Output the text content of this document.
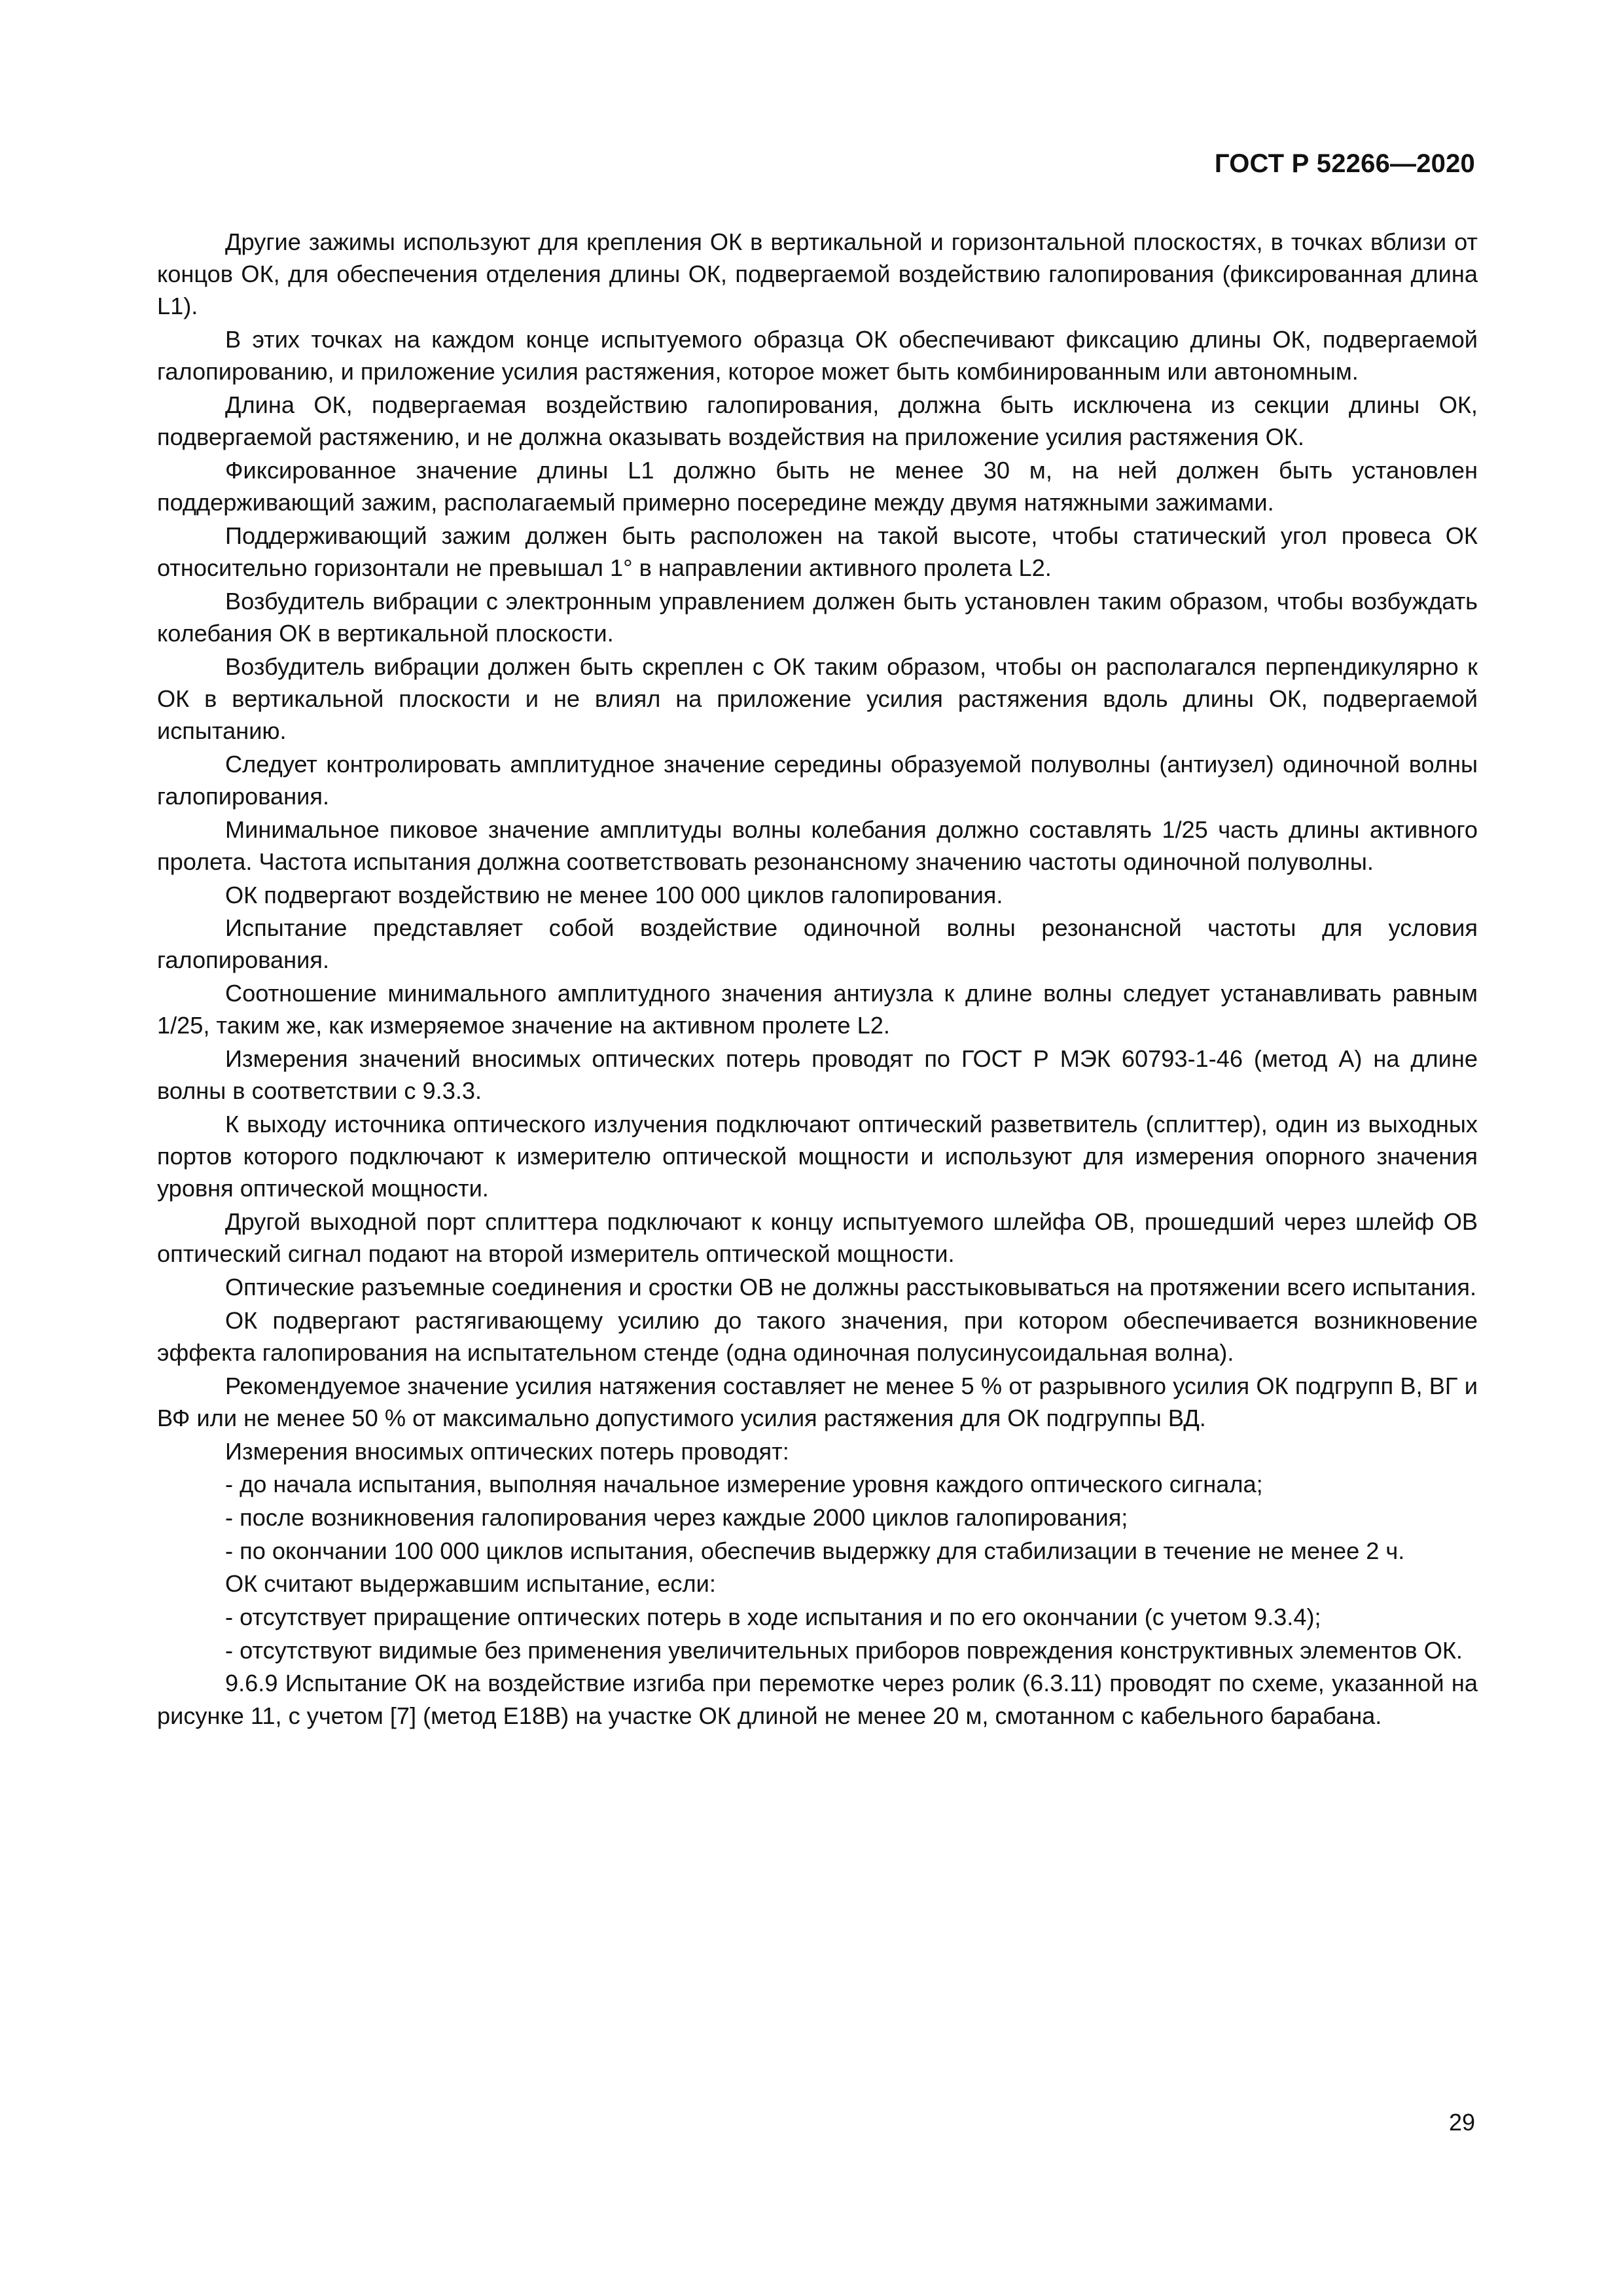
ГОСТ Р 52266—2020

Другие зажимы используют для крепления ОК в вертикальной и горизонтальной плоскостях, в точках вблизи от концов ОК, для обеспечения отделения длины ОК, подвергаемой воздействию галопирования (фиксированная длина L1).

В этих точках на каждом конце испытуемого образца ОК обеспечивают фиксацию длины ОК, подвергаемой галопированию, и приложение усилия растяжения, которое может быть комбинированным или автономным.

Длина ОК, подвергаемая воздействию галопирования, должна быть исключена из секции длины ОК, подвергаемой растяжению, и не должна оказывать воздействия на приложение усилия растяжения ОК.

Фиксированное значение длины L1 должно быть не менее 30 м, на ней должен быть установлен поддерживающий зажим, располагаемый примерно посередине между двумя натяжными зажимами.

Поддерживающий зажим должен быть расположен на такой высоте, чтобы статический угол провеса ОК относительно горизонтали не превышал 1° в направлении активного пролета L2.

Возбудитель вибрации с электронным управлением должен быть установлен таким образом, чтобы возбуждать колебания ОК в вертикальной плоскости.

Возбудитель вибрации должен быть скреплен с ОК таким образом, чтобы он располагался перпендикулярно к ОК в вертикальной плоскости и не влиял на приложение усилия растяжения вдоль длины ОК, подвергаемой испытанию.

Следует контролировать амплитудное значение середины образуемой полуволны (антиузел) одиночной волны галопирования.

Минимальное пиковое значение амплитуды волны колебания должно составлять 1/25 часть длины активного пролета. Частота испытания должна соответствовать резонансному значению частоты одиночной полуволны.

ОК подвергают воздействию не менее 100 000 циклов галопирования.

Испытание представляет собой воздействие одиночной волны резонансной частоты для условия галопирования.

Соотношение минимального амплитудного значения антиузла к длине волны следует устанавливать равным 1/25, таким же, как измеряемое значение на активном пролете L2.

Измерения значений вносимых оптических потерь проводят по ГОСТ Р МЭК 60793-1-46 (метод А) на длине волны в соответствии с 9.3.3.

К выходу источника оптического излучения подключают оптический разветвитель (сплиттер), один из выходных портов которого подключают к измерителю оптической мощности и используют для измерения опорного значения уровня оптической мощности.

Другой выходной порт сплиттера подключают к концу испытуемого шлейфа ОВ, прошедший через шлейф ОВ оптический сигнал подают на второй измеритель оптической мощности.

Оптические разъемные соединения и сростки ОВ не должны расстыковываться на протяжении всего испытания.

ОК подвергают растягивающему усилию до такого значения, при котором обеспечивается возникновение эффекта галопирования на испытательном стенде (одна одиночная полусинусоидальная волна).

Рекомендуемое значение усилия натяжения составляет не менее 5 % от разрывного усилия ОК подгрупп В, ВГ и ВФ или не менее 50 % от максимально допустимого усилия растяжения для ОК подгруппы ВД.

Измерения вносимых оптических потерь проводят:

- до начала испытания, выполняя начальное измерение уровня каждого оптического сигнала;

- после возникновения галопирования через каждые 2000 циклов галопирования;

- по окончании 100 000 циклов испытания, обеспечив выдержку для стабилизации в течение не менее 2 ч.

ОК считают выдержавшим испытание, если:

- отсутствует приращение оптических потерь в ходе испытания и по его окончании (с учетом 9.3.4);

- отсутствуют видимые без применения увеличительных приборов повреждения конструктивных элементов ОК.

9.6.9 Испытание ОК на воздействие изгиба при перемотке через ролик (6.3.11) проводят по схеме, указанной на рисунке 11, с учетом [7] (метод Е18В) на участке ОК длиной не менее 20 м, смотанном с кабельного барабана.

29
